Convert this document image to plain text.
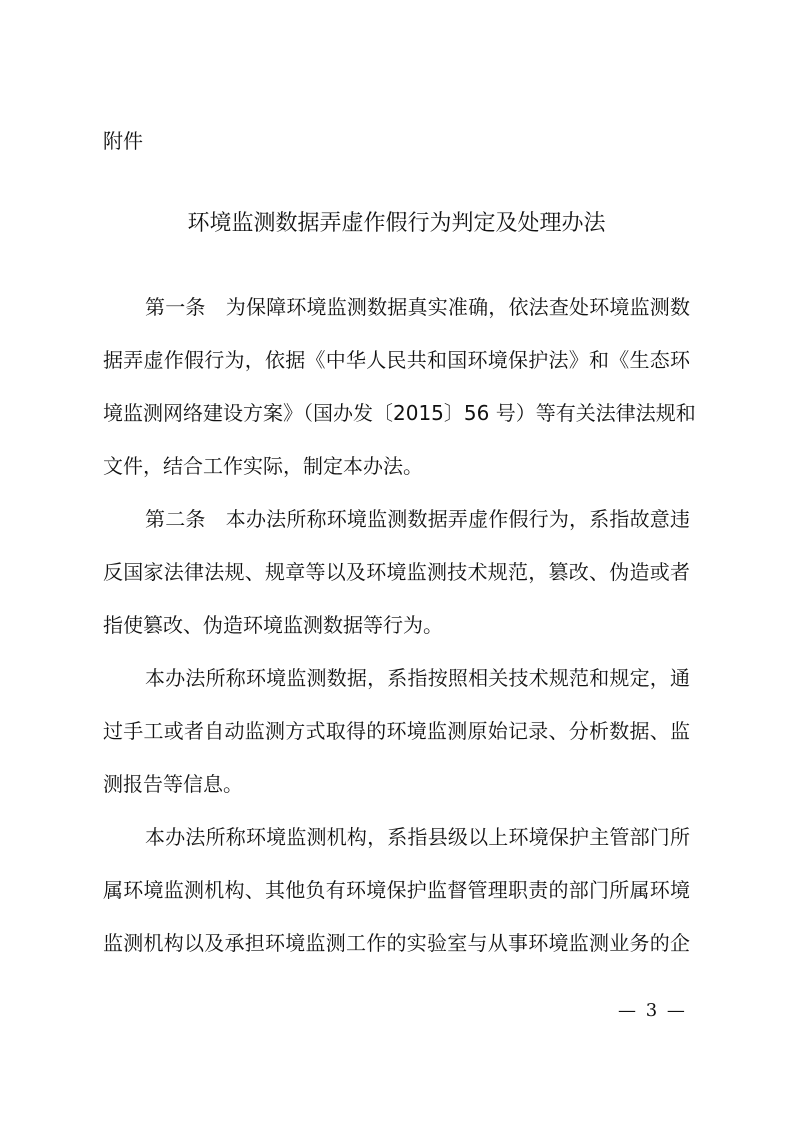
附件
环境监测数据弄虚作假行为判定及处理办法
第一条　为保障环境监测数据真实准确，依法查处环境监测数
据弄虚作假行为，依据《中华人民共和国环境保护法》和《生态环
境监测网络建设方案》（国办发〔2015〕56 号）等有关法律法规和
文件，结合工作实际，制定本办法。
第二条　本办法所称环境监测数据弄虚作假行为，系指故意违
反国家法律法规、规章等以及环境监测技术规范，篡改、伪造或者
指使篡改、伪造环境监测数据等行为。
本办法所称环境监测数据，系指按照相关技术规范和规定，通
过手工或者自动监测方式取得的环境监测原始记录、分析数据、监
测报告等信息。
本办法所称环境监测机构，系指县级以上环境保护主管部门所
属环境监测机构、其他负有环境保护监督管理职责的部门所属环境
监测机构以及承担环境监测工作的实验室与从事环境监测业务的企
— 3 —
